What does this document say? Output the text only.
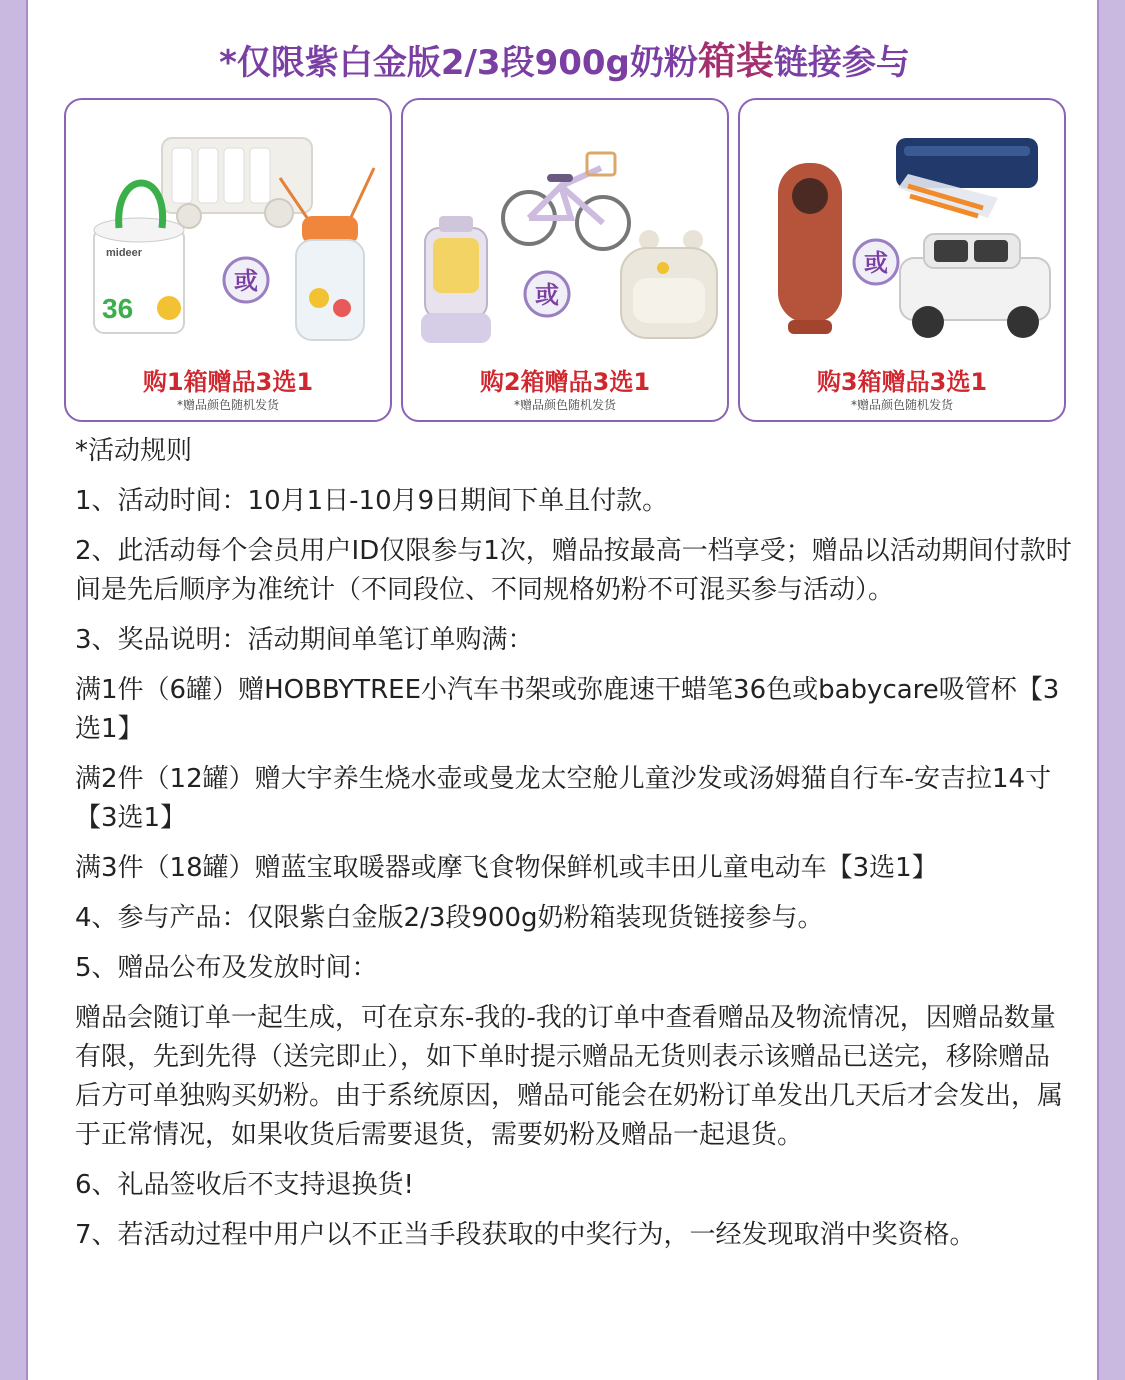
*仅限紫白金版2/3段900g奶粉箱装链接参与
mideer
36
或
购1箱赠品3选1
*赠品颜色随机发货
或
购2箱赠品3选1
*赠品颜色随机发货
或
购3箱赠品3选1
*赠品颜色随机发货

*活动规则

1、活动时间：10月1日-10月9日期间下单且付款。

2、此活动每个会员用户ID仅限参与1次，赠品按最高一档享受；赠品以活动期间付款时间是先后顺序为准统计（不同段位、不同规格奶粉不可混买参与活动）。

3、奖品说明：活动期间单笔订单购满：

满1件（6罐）赠HOBBYTREE小汽车书架或弥鹿速干蜡笔36色或babycare吸管杯【3选1】

满2件（12罐）赠大宇养生烧水壶或曼龙太空舱儿童沙发或汤姆猫自行车-安吉拉14寸【3选1】

满3件（18罐）赠蓝宝取暖器或摩飞食物保鲜机或丰田儿童电动车【3选1】

4、参与产品：仅限紫白金版2/3段900g奶粉箱装现货链接参与。

5、赠品公布及发放时间：

赠品会随订单一起生成，可在京东-我的-我的订单中查看赠品及物流情况，因赠品数量有限，先到先得（送完即止），如下单时提示赠品无货则表示该赠品已送完，移除赠品后方可单独购买奶粉。由于系统原因，赠品可能会在奶粉订单发出几天后才会发出，属于正常情况，如果收货后需要退货，需要奶粉及赠品一起退货。

6、礼品签收后不支持退换货!

7、若活动过程中用户以不正当手段获取的中奖行为，一经发现取消中奖资格。
